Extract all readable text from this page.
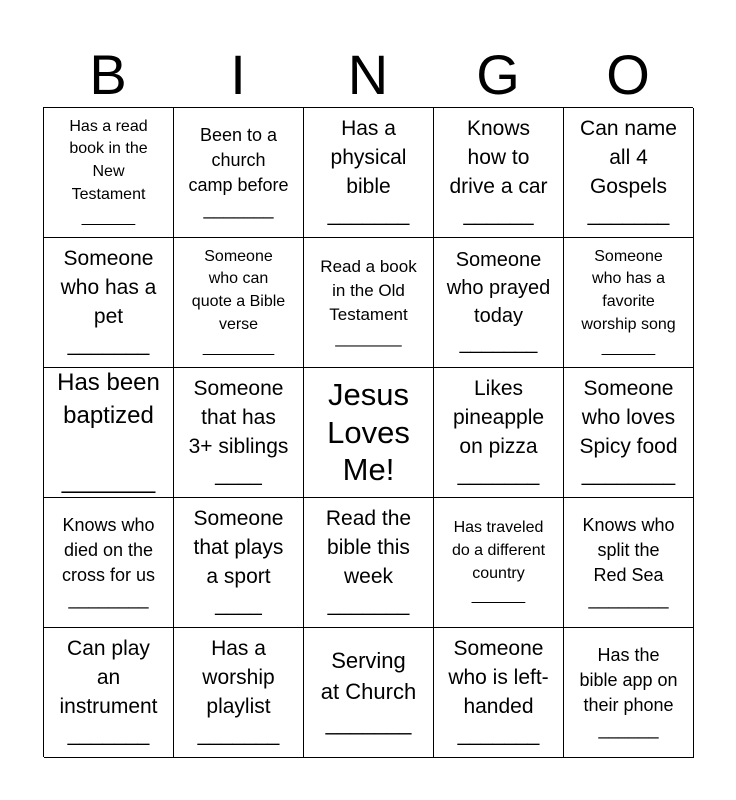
B	I	N	G	O
Has a read
book in the
New
Testament
______
Been to a
church
camp before
_______
Has a
physical
bible
_______
Knows
how to
drive a car
______
Can name
all 4
Gospels
_______
Someone
who has a
pet
_______
Someone
who can
quote a Bible
verse
________
Read a book
in the Old
Testament
_______
Someone
who prayed
today
_______
Someone
who has a
favorite
worship song
______
Has been
baptized

_______
Someone
that has
3+ siblings
____
Jesus
Loves
Me!
Likes
pineapple
on pizza
_______
Someone
who loves
Spicy food
________
Knows who
died on the
cross for us
________
Someone
that plays
a sport
____
Read the
bible this
week
_______
Has traveled
do a different
country
______
Knows who
split the
Red Sea
________
Can play
an
instrument
_______
Has a
worship
playlist
_______
Serving
at Church
_______
Someone
who is left-
handed
_______
Has the
bible app on
their phone
______
